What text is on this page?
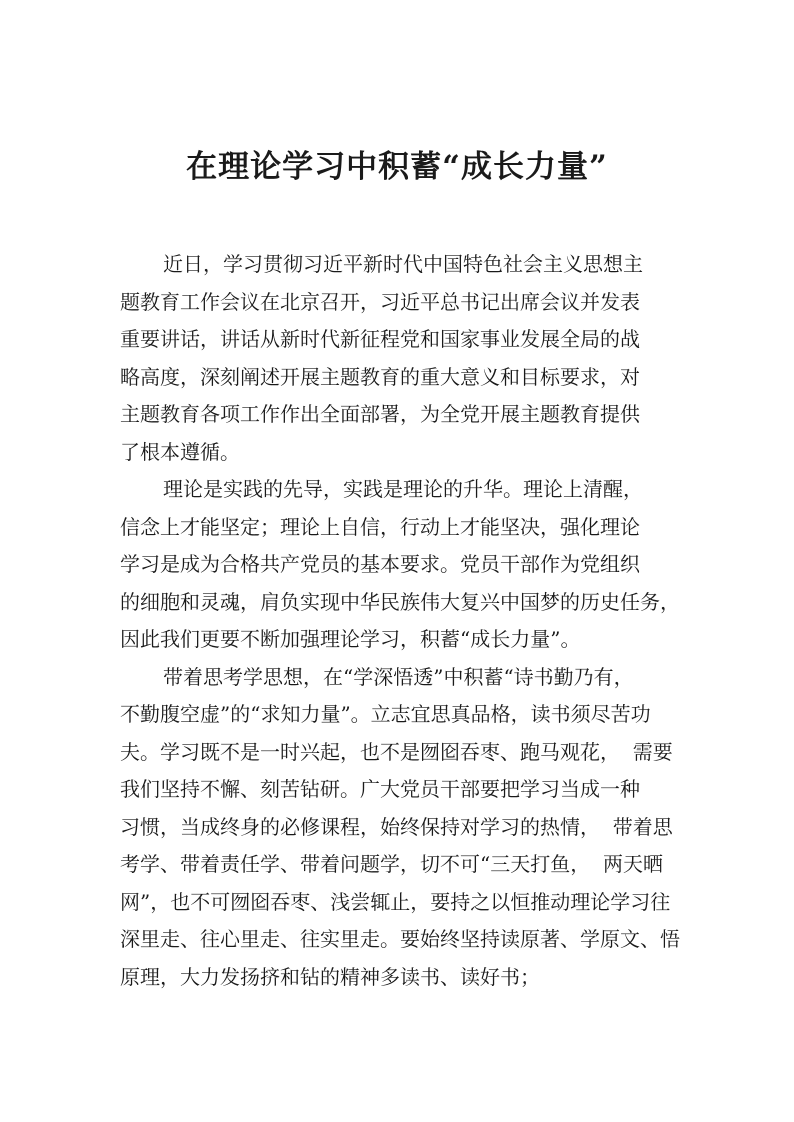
在理论学习中积蓄“成长力量”
近日，学习贯彻习近平新时代中国特色社会主义思想主
题教育工作会议在北京召开，习近平总书记出席会议并发表
重要讲话，讲话从新时代新征程党和国家事业发展全局的战
略高度，深刻阐述开展主题教育的重大意义和目标要求，对
主题教育各项工作作出全面部署，为全党开展主题教育提供
了根本遵循。
理论是实践的先导，实践是理论的升华。理论上清醒，
信念上才能坚定；理论上自信，行动上才能坚决，强化理论
学习是成为合格共产党员的基本要求。党员干部作为党组织
的细胞和灵魂，肩负实现中华民族伟大复兴中国梦的历史任务，
因此我们更要不断加强理论学习，积蓄“成长力量”。
带着思考学思想，在“学深悟透”中积蓄“诗书勤乃有，
不勤腹空虚”的“求知力量”。立志宜思真品格，读书须尽苦功
夫。学习既不是一时兴起，也不是囫囵吞枣、跑马观花，  需要
我们坚持不懈、刻苦钻研。广大党员干部要把学习当成一种
习惯，当成终身的必修课程，始终保持对学习的热情，  带着思
考学、带着责任学、带着问题学，切不可“三天打鱼，  两天晒
网”，也不可囫囵吞枣、浅尝辄止，要持之以恒推动理论学习往
深里走、往心里走、往实里走。要始终坚持读原著、学原文、悟
原理，大力发扬挤和钻的精神多读书、读好书；
